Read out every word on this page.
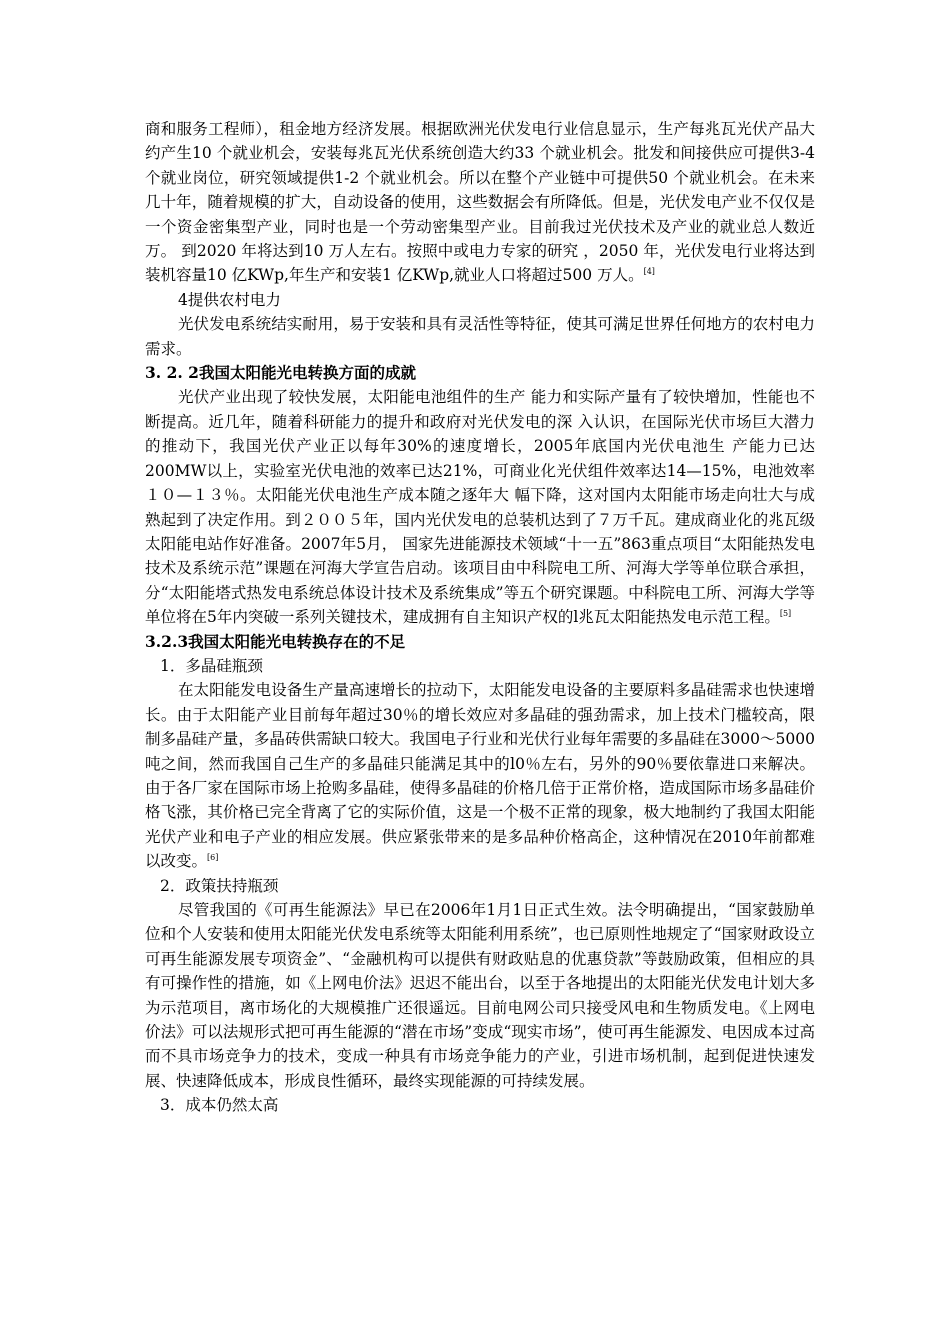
商和服务工程师），租金地方经济发展。根据欧洲光伏发电行业信息显示，生产每兆瓦光伏产品大约产生10 个就业机会，安装每兆瓦光伏系统创造大约33 个就业机会。批发和间接供应可提供3-4 个就业岗位，研究领域提供1-2 个就业机会。所以在整个产业链中可提供50 个就业机会。在未来几十年，随着规模的扩大，自动设备的使用，这些数据会有所降低。但是，光伏发电产业不仅仅是一个资金密集型产业，同时也是一个劳动密集型产业。目前我过光伏技术及产业的就业总人数近万。 到2020 年将达到10 万人左右。按照中或电力专家的研究 ，2050 年，光伏发电行业将达到装机容量10 亿KWp,年生产和安装1 亿KWp,就业人口将超过500 万人。[4]

4提供农村电力

光伏发电系统结实耐用，易于安装和具有灵活性等特征，使其可满足世界任何地方的农村电力需求。

3. 2. 2我国太阳能光电转换方面的成就

光伏产业出现了较快发展，太阳能电池组件的生产 能力和实际产量有了较快增加，性能也不断提高。近几年，随着科研能力的提升和政府对光伏发电的深 入认识，在国际光伏市场巨大潜力的推动下，我国光伏产业正以每年30%的速度增长，2005年底国内光伏电池生 产能力已达200MW以上，实验室光伏电池的效率已达21%，可商业化光伏组件效率达14—15%，电池效率１０—１３％。太阳能光伏电池生产成本随之逐年大 幅下降，这对国内太阳能市场走向壮大与成熟起到了决定作用。到２００５年，国内光伏发电的总装机达到了７万千瓦。建成商业化的兆瓦级太阳能电站作好准备。2007年5月， 国家先进能源技术领域“十一五”863重点项目“太阳能热发电技术及系统示范”课题在河海大学宣告启动。该项目由中科院电工所、河海大学等单位联合承担，分“太阳能塔式热发电系统总体设计技术及系统集成”等五个研究课题。中科院电工所、河海大学等单位将在5年内突破一系列关键技术，建成拥有自主知识产权的l兆瓦太阳能热发电示范工程。[5]

3.2.3我国太阳能光电转换存在的不足

1．多晶硅瓶颈

在太阳能发电设备生产量高速增长的拉动下，太阳能发电设备的主要原料多晶硅需求也快速增长。由于太阳能产业目前每年超过30％的增长效应对多晶硅的强劲需求，加上技术门槛较高，限制多晶硅产量，多晶砖供需缺口较大。我国电子行业和光伏行业每年需要的多晶硅在3000～5000吨之间，然而我国自己生产的多晶硅只能满足其中的l0％左右，另外的90％要依靠进口来解决。由于各厂家在国际市场上抢购多晶硅，使得多晶硅的价格几倍于正常价格，造成国际市场多晶硅价格飞涨，其价格已完全背离了它的实际价值，这是一个极不正常的现象，极大地制约了我国太阳能光伏产业和电子产业的相应发展。供应紧张带来的是多品种价格高企，这种情况在2010年前都难以改变。[6]

2．政策扶持瓶颈

尽管我国的《可再生能源法》早已在2006年1月1日正式生效。法令明确提出，“国家鼓励单位和个人安装和使用太阳能光伏发电系统等太阳能利用系统”，也已原则性地规定了“国家财政设立可再生能源发展专项资金”、“金融机构可以提供有财政贴息的优惠贷款”等鼓励政策，但相应的具有可操作性的措施，如《上网电价法》迟迟不能出台，以至于各地提出的太阳能光伏发电计划大多为示范项目，离市场化的大规模推广还很遥远。目前电网公司只接受风电和生物质发电。《上网电价法》可以法规形式把可再生能源的“潜在市场”变成“现实市场”，使可再生能源发、电因成本过高而不具市场竞争力的技术，变成一种具有市场竞争能力的产业，引进市场机制，起到促进快速发展、快速降低成本，形成良性循环，最终实现能源的可持续发展。

3．成本仍然太高
